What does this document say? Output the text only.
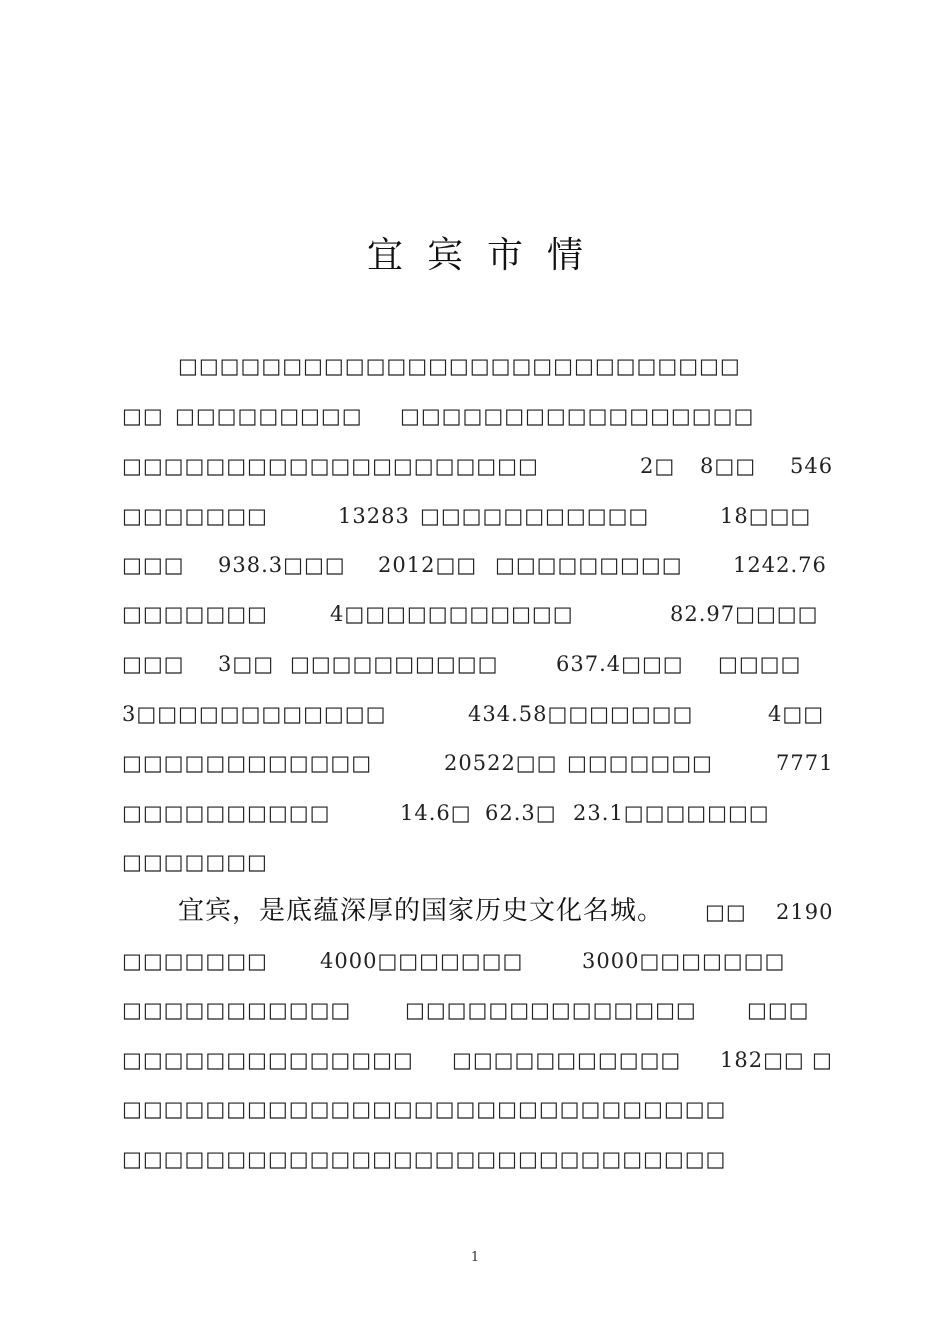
宜宾市情
□□□□□□□□□□□□□□□□□□□□□□□□□□□
□□ □□□□□□□□□ □□□□□□□□□□□□□□□□□
□□□□□□□□□□□□□□□□□□□□	2□ 8□□ 546
□□□□□□□	13283 □□□□□□□□□□□	18□□□
□□□ 938.3□□□ 2012□□ □□□□□□□□□ 1242.76
□□□□□□□	4□□□□□□□□□□□	82.97□□□□
□□□ 3□□ □□□□□□□□□□	637.4□□□ □□□□
3□□□□□□□□□□□□	434.58□□□□□□□	4□□
□□□□□□□□□□□□	20522□□ □□□□□□□	7771
□□□□□□□□□□	14.6□ 62.3□ 23.1□□□□□□□
□□□□□□□
宜宾，是底蕴深厚的国家历史文化名城。 □□ 2190
□□□□□□□ 4000□□□□□□□	3000□□□□□□□
□□□□□□□□□□□	□□□□□□□□□□□□□□ □□□
□□□□□□□□□□□□□□ □□□□□□□□□□□ 182□□ □
□□□□□□□□□□□□□□□□□□□□□□□□□□□□□
□□□□□□□□□□□□□□□□□□□□□□□□□□□□□
1
